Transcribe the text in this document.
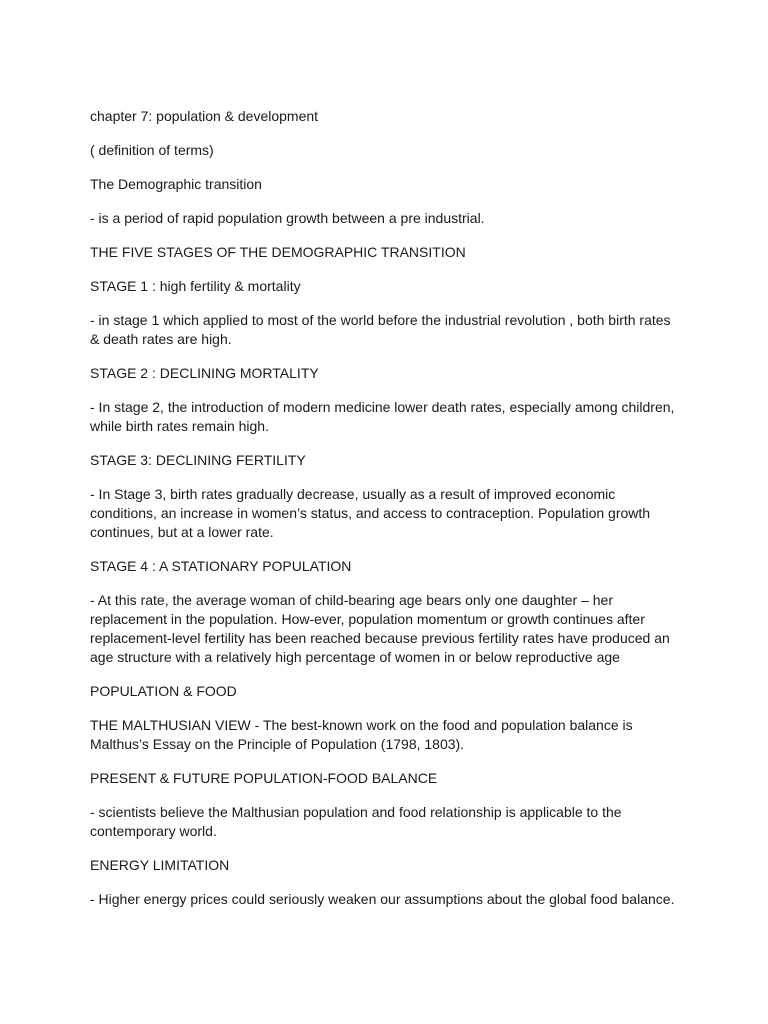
chapter 7: population & development

( definition of terms)

The Demographic transition

- is a period of rapid population growth between a pre industrial.

THE FIVE STAGES OF THE DEMOGRAPHIC TRANSITION

STAGE 1 : high fertility & mortality

- in stage 1 which applied to most of the world before the industrial revolution , both birth rates & death rates are high.

STAGE 2 : DECLINING MORTALITY

- In stage 2, the introduction of modern medicine lower death rates, especially among children, while birth rates remain high.

STAGE 3: DECLINING FERTILITY

- In Stage 3, birth rates gradually decrease, usually as a result of improved economic conditions, an increase in women’s status, and access to contraception. Population growth continues, but at a lower rate.

STAGE 4 : A STATIONARY POPULATION

- At this rate, the average woman of child-bearing age bears only one daughter – her replacement in the population. How-ever, population momentum or growth continues after replacement-level fertility has been reached because previous fertility rates have produced an age structure with a relatively high percentage of women in or below reproductive age

POPULATION & FOOD

THE MALTHUSIAN VIEW - The best-known work on the food and population balance is Malthus’s Essay on the Principle of Population (1798, 1803).

PRESENT & FUTURE POPULATION-FOOD BALANCE

- scientists believe the Malthusian population and food relationship is applicable to the contemporary world.

ENERGY LIMITATION

- Higher energy prices could seriously weaken our assumptions about the global food balance.
